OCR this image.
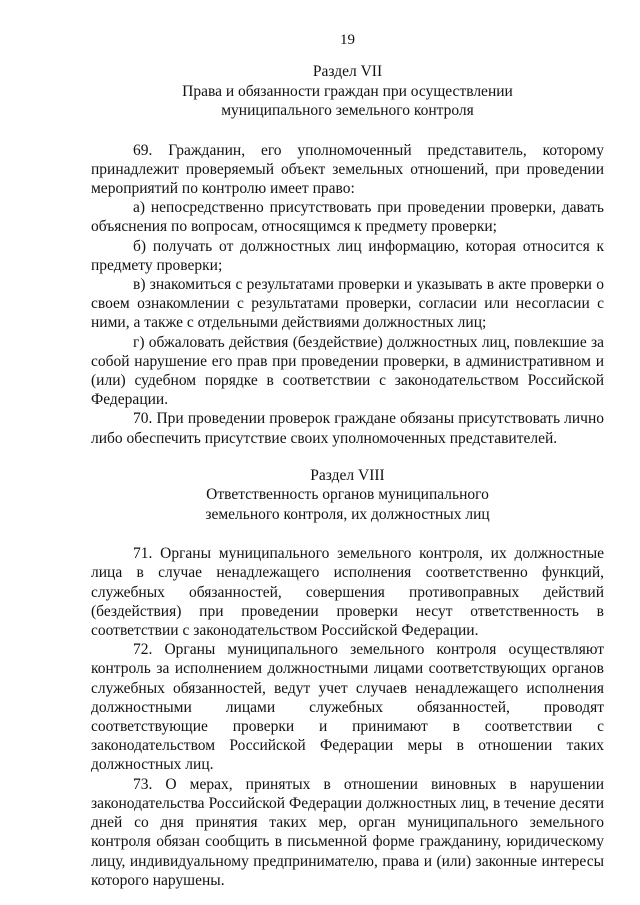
19
Раздел VII
Права и обязанности граждан при осуществлении
муниципального земельного контроля

69. Гражданин, его уполномоченный представитель, которому принадлежит проверяемый объект земельных отношений, при проведении мероприятий по контролю имеет право:

а) непосредственно присутствовать при проведении проверки, давать объяснения по вопросам, относящимся к предмету проверки;

б) получать от должностных лиц информацию, которая относится к предмету проверки;

в) знакомиться с результатами проверки и указывать в акте проверки о своем ознакомлении с результатами проверки, согласии или несогласии с ними, а также с отдельными действиями должностных лиц;

г) обжаловать действия (бездействие) должностных лиц, повлекшие за собой нарушение его прав при проведении проверки, в административном и (или) судебном порядке в соответствии с законодательством Российской Федерации.

70. При проведении проверок граждане обязаны присутствовать лично либо обеспечить присутствие своих уполномоченных представителей.

Раздел VIII
Ответственность органов муниципального
земельного контроля, их должностных лиц

71. Органы муниципального земельного контроля, их должностные лица в случае ненадлежащего исполнения соответственно функций, служебных обязанностей, совершения противоправных действий (бездействия) при проведении проверки несут ответственность в соответствии с законодательством Российской Федерации.

72. Органы муниципального земельного контроля осуществляют контроль за исполнением должностными лицами соответствующих органов служебных обязанностей, ведут учет случаев ненадлежащего исполнения должностными лицами служебных обязанностей, проводят соответствующие проверки и принимают в соответствии с законодательством Российской Федерации меры в отношении таких должностных лиц.

73. О мерах, принятых в отношении виновных в нарушении законодательства Российской Федерации должностных лиц, в течение десяти дней со дня принятия таких мер, орган муниципального земельного контроля обязан сообщить в письменной форме гражданину, юридическому лицу, индивидуальному предпринимателю, права и (или) законные интересы которого нарушены.
